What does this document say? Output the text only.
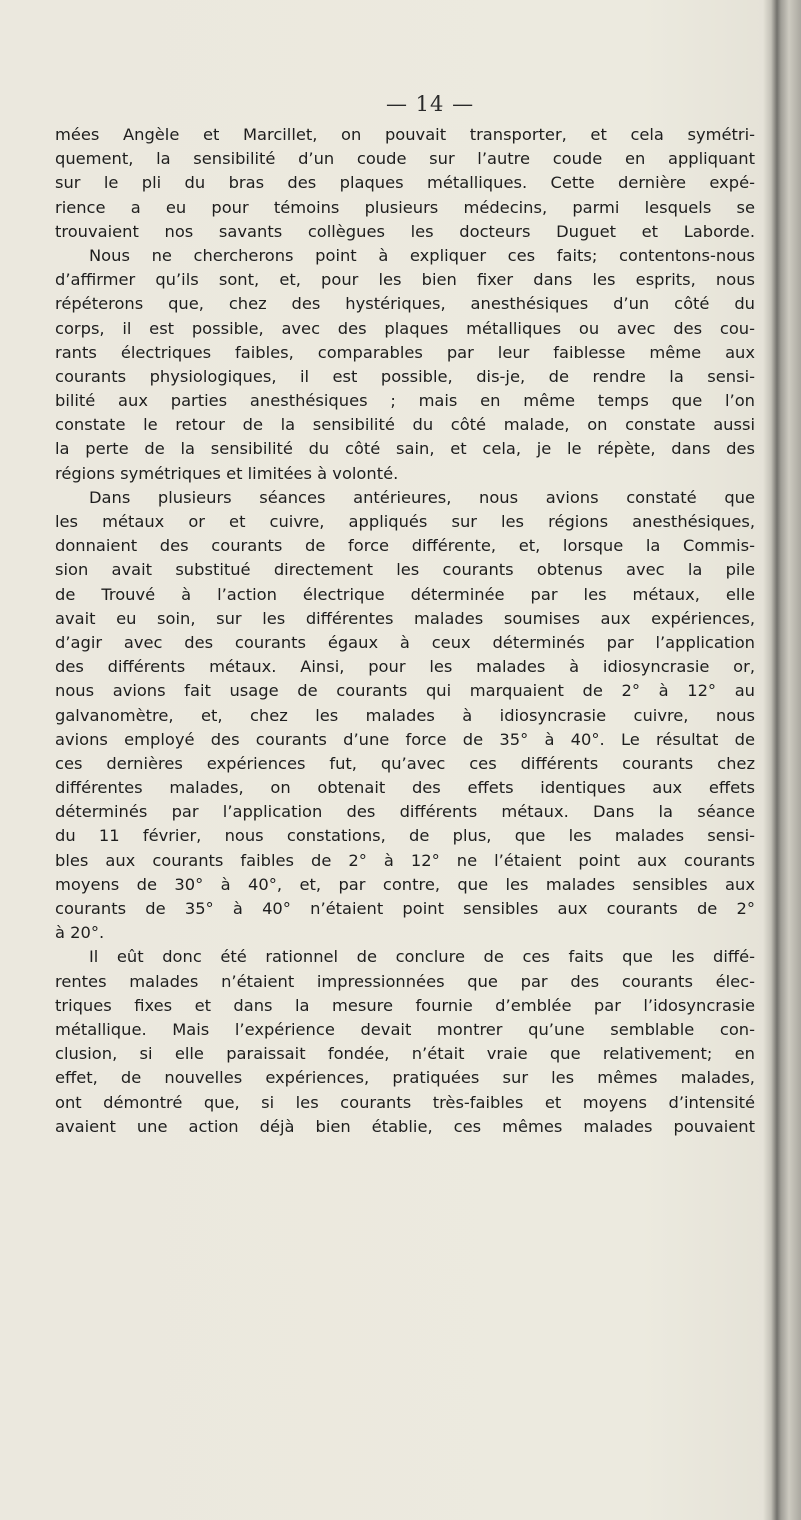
— 14 —
mées Angèle et Marcillet, on pouvait transporter, et cela symétri-
quement, la sensibilité d’un coude sur l’autre coude en appliquant
sur le pli du bras des plaques métalliques. Cette dernière expé-
rience a eu pour témoins plusieurs médecins, parmi lesquels se
trouvaient nos savants collègues les docteurs Duguet et Laborde.
Nous ne chercherons point à expliquer ces faits; contentons-nous
d’affirmer qu’ils sont, et, pour les bien fixer dans les esprits, nous
répéterons que, chez des hystériques, anesthésiques d’un côté du
corps, il est possible, avec des plaques métalliques ou avec des cou-
rants électriques faibles, comparables par leur faiblesse même aux
courants physiologiques, il est possible, dis-je, de rendre la sensi-
bilité aux parties anesthésiques ; mais en même temps que l’on
constate le retour de la sensibilité du côté malade, on constate aussi
la perte de la sensibilité du côté sain, et cela, je le répète, dans des
régions symétriques et limitées à volonté.
Dans plusieurs séances antérieures, nous avions constaté que
les métaux or et cuivre, appliqués sur les régions anesthésiques,
donnaient des courants de force différente, et, lorsque la Commis-
sion avait substitué directement les courants obtenus avec la pile
de Trouvé à l’action électrique déterminée par les métaux, elle
avait eu soin, sur les différentes malades soumises aux expériences,
d’agir avec des courants égaux à ceux déterminés par l’application
des différents métaux. Ainsi, pour les malades à idiosyncrasie or,
nous avions fait usage de courants qui marquaient de 2° à 12° au
galvanomètre, et, chez les malades à idiosyncrasie cuivre, nous
avions employé des courants d’une force de 35° à 40°. Le résultat de
ces dernières expériences fut, qu’avec ces différents courants chez
différentes malades, on obtenait des effets identiques aux effets
déterminés par l’application des différents métaux. Dans la séance
du 11 février, nous constations, de plus, que les malades sensi-
bles aux courants faibles de 2° à 12° ne l’étaient point aux courants
moyens de 30° à 40°, et, par contre, que les malades sensibles aux
courants de 35° à 40° n’étaient point sensibles aux courants de 2°
à 20°.
Il eût donc été rationnel de conclure de ces faits que les diffé-
rentes malades n’étaient impressionnées que par des courants élec-
triques fixes et dans la mesure fournie d’emblée par l’idosyncrasie
métallique. Mais l’expérience devait montrer qu’une semblable con-
clusion, si elle paraissait fondée, n’était vraie que relativement; en
effet, de nouvelles expériences, pratiquées sur les mêmes malades,
ont démontré que, si les courants très-faibles et moyens d’intensité
avaient une action déjà bien établie, ces mêmes malades pouvaient
